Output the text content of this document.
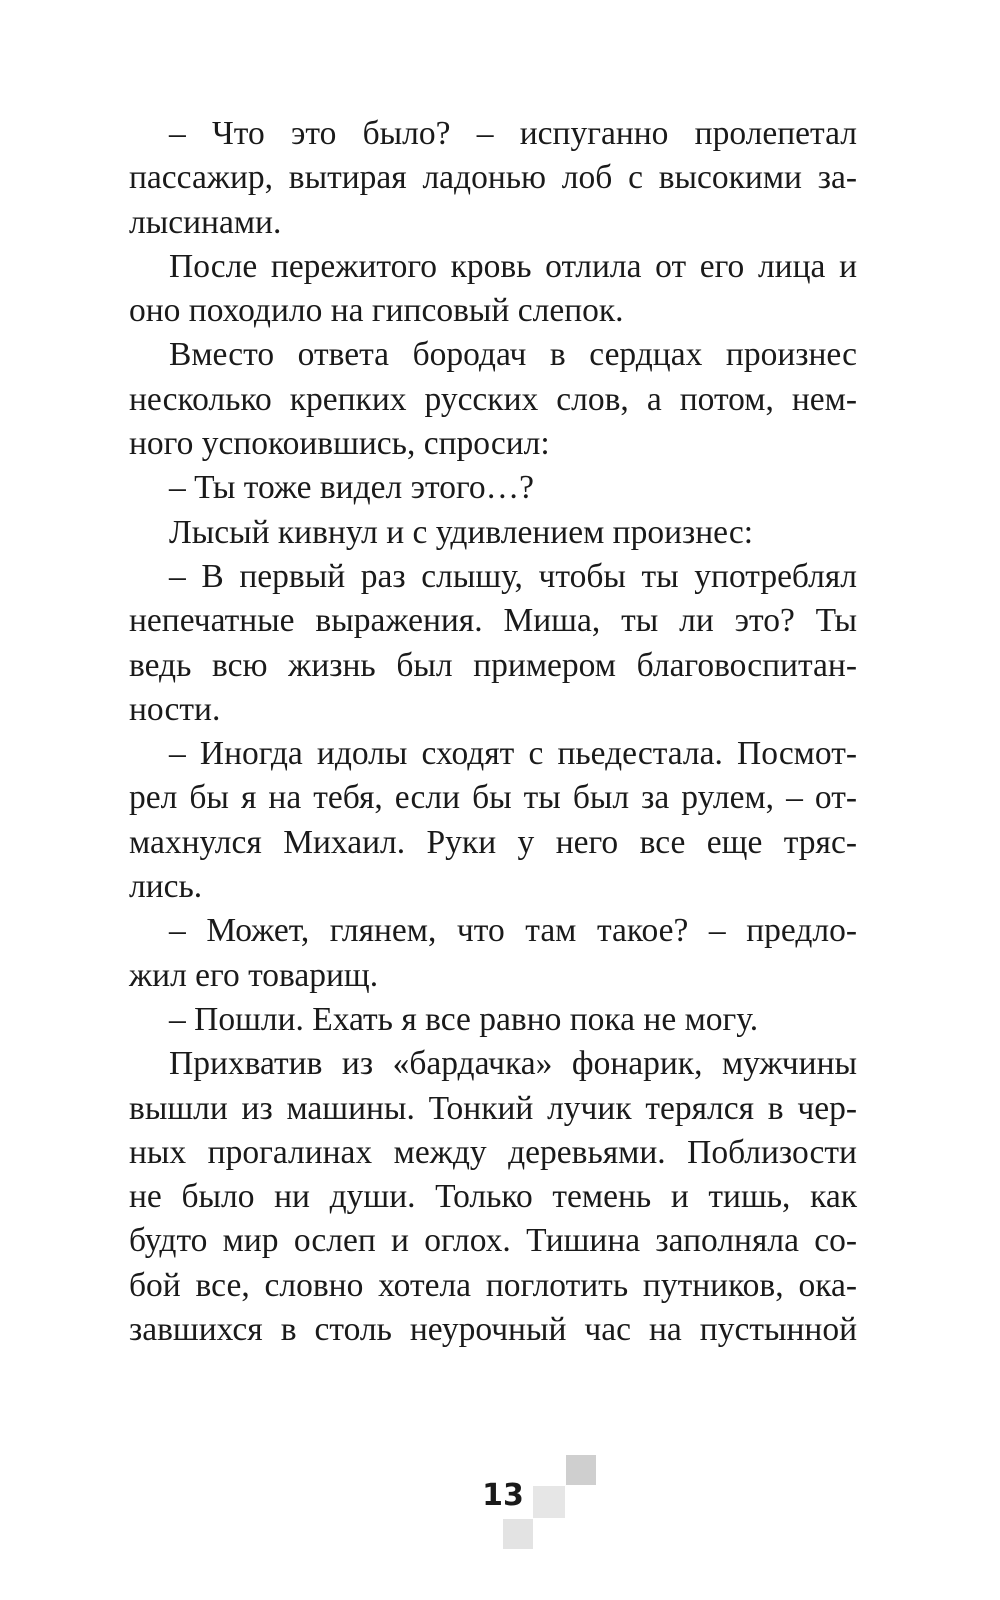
– Что это было? – испуганно пролепетал
пассажир, вытирая ладонью лоб с высокими за-
лысинами.
После пережитого кровь отлила от его лица и
оно походило на гипсовый слепок.
Вместо ответа бородач в сердцах произнес
несколько крепких русских слов, а потом, нем-
ного успокоившись, спросил:
– Ты тоже видел этого…?
Лысый кивнул и с удивлением произнес:
– В первый раз слышу, чтобы ты употреблял
непечатные выражения. Миша, ты ли это? Ты
ведь всю жизнь был примером благовоспитан-
ности.
– Иногда идолы сходят с пьедестала. Посмот-
рел бы я на тебя, если бы ты был за рулем, – от-
махнулся Михаил. Руки у него все еще тряс-
лись.
– Может, глянем, что там такое? – предло-
жил его товарищ.
– Пошли. Ехать я все равно пока не могу.
Прихватив из «бардачка» фонарик, мужчины
вышли из машины. Тонкий лучик терялся в чер-
ных прогалинах между деревьями. Поблизости
не было ни души. Только темень и тишь, как
будто мир ослеп и оглох. Тишина заполняла со-
бой все, словно хотела поглотить путников, ока-
завшихся в столь неурочный час на пустынной
13
